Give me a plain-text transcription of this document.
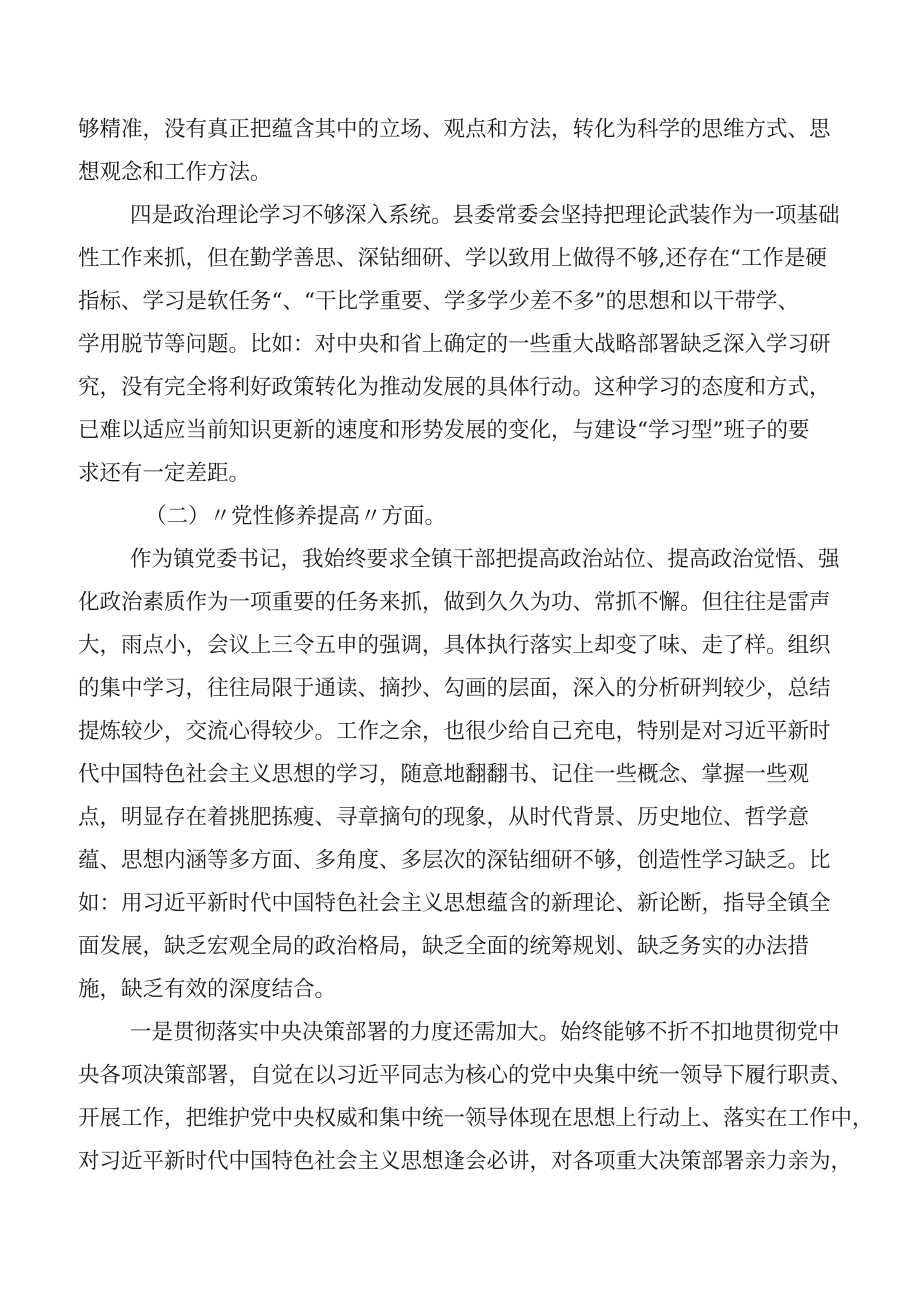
够精准，没有真正把蕴含其中的立场、观点和方法，转化为科学的思维方式、思
想观念和工作方法。
四是政治理论学习不够深入系统。县委常委会坚持把理论武装作为一项基础
性工作来抓，但在勤学善思、深钻细研、学以致用上做得不够,还存在“工作是硬
指标、学习是软任务“、“干比学重要、学多学少差不多”的思想和以干带学、
学用脱节等问题。比如：对中央和省上确定的一些重大战略部署缺乏深入学习研
究，没有完全将利好政策转化为推动发展的具体行动。这种学习的态度和方式，
已难以适应当前知识更新的速度和形势发展的变化，与建设“学习型”班子的要
求还有一定差距。
（二）〃党性修养提高〃方面。
作为镇党委书记，我始终要求全镇干部把提高政治站位、提高政治觉悟、强
化政治素质作为一项重要的任务来抓，做到久久为功、常抓不懈。但往往是雷声
大，雨点小，会议上三令五申的强调，具体执行落实上却变了味、走了样。组织
的集中学习，往往局限于通读、摘抄、勾画的层面，深入的分析研判较少，总结
提炼较少，交流心得较少。工作之余，也很少给自己充电，特别是对习近平新时
代中国特色社会主义思想的学习，随意地翻翻书、记住一些概念、掌握一些观
点，明显存在着挑肥拣瘦、寻章摘句的现象，从时代背景、历史地位、哲学意
蕴、思想内涵等多方面、多角度、多层次的深钻细研不够，创造性学习缺乏。比
如：用习近平新时代中国特色社会主义思想蕴含的新理论、新论断，指导全镇全
面发展，缺乏宏观全局的政治格局，缺乏全面的统筹规划、缺乏务实的办法措
施，缺乏有效的深度结合。
一是贯彻落实中央决策部署的力度还需加大。始终能够不折不扣地贯彻党中
央各项决策部署，自觉在以习近平同志为核心的党中央集中统一领导下履行职责、
开展工作，把维护党中央权威和集中统一领导体现在思想上行动上、落实在工作中，
对习近平新时代中国特色社会主义思想逢会必讲，对各项重大决策部署亲力亲为，
